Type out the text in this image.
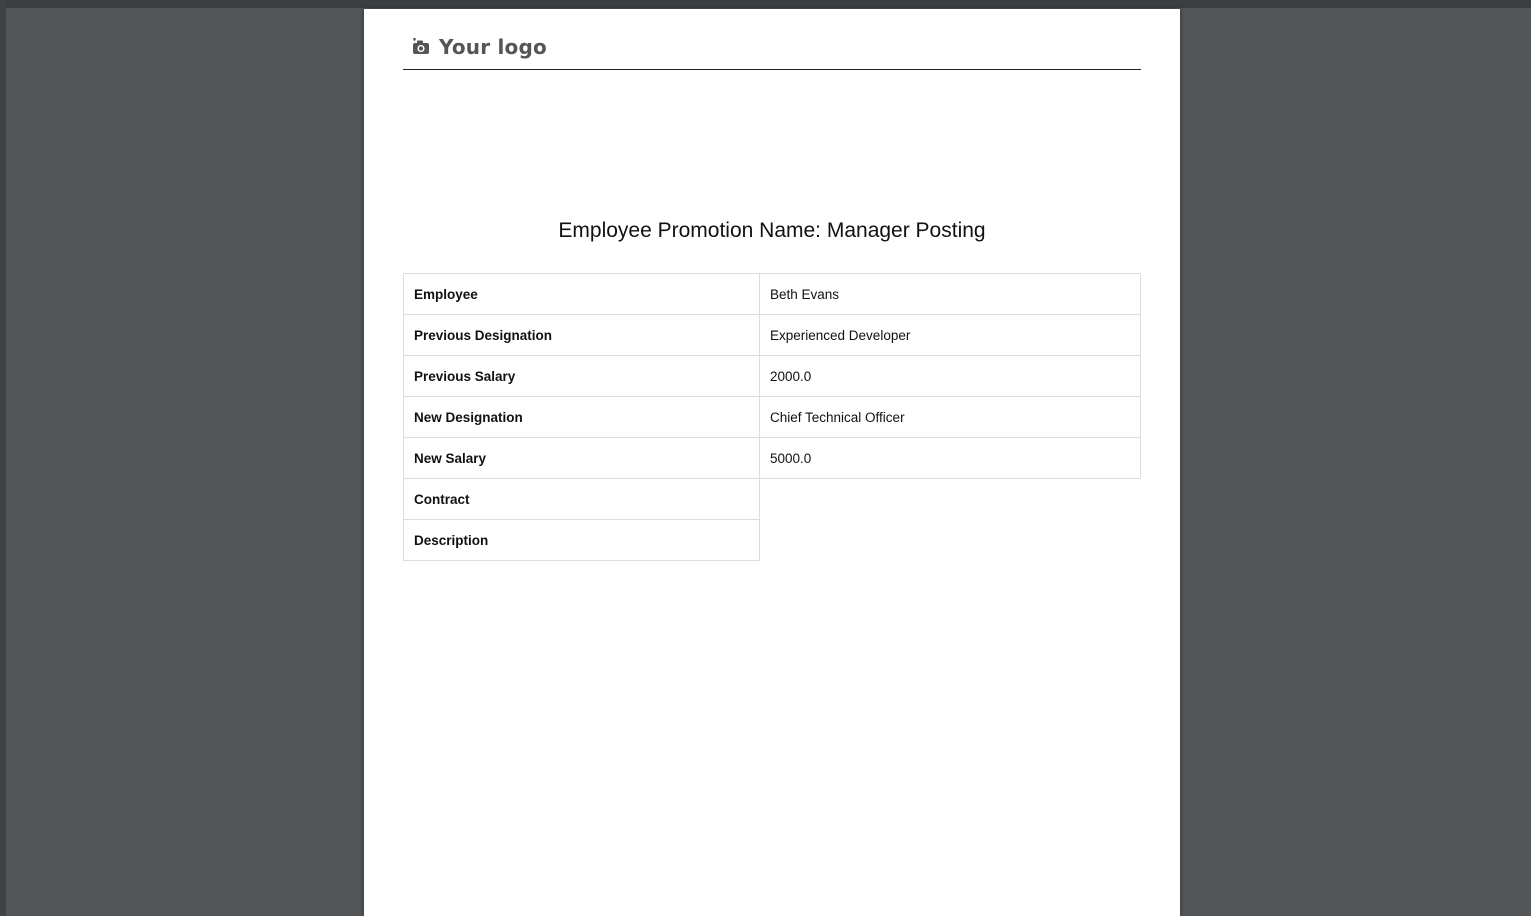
Your logo
Employee Promotion Name: Manager Posting
Employee	Beth Evans
Previous Designation	Experienced Developer
Previous Salary	2000.0
New Designation	Chief Technical Officer
New Salary	5000.0
Contract	
Description	
